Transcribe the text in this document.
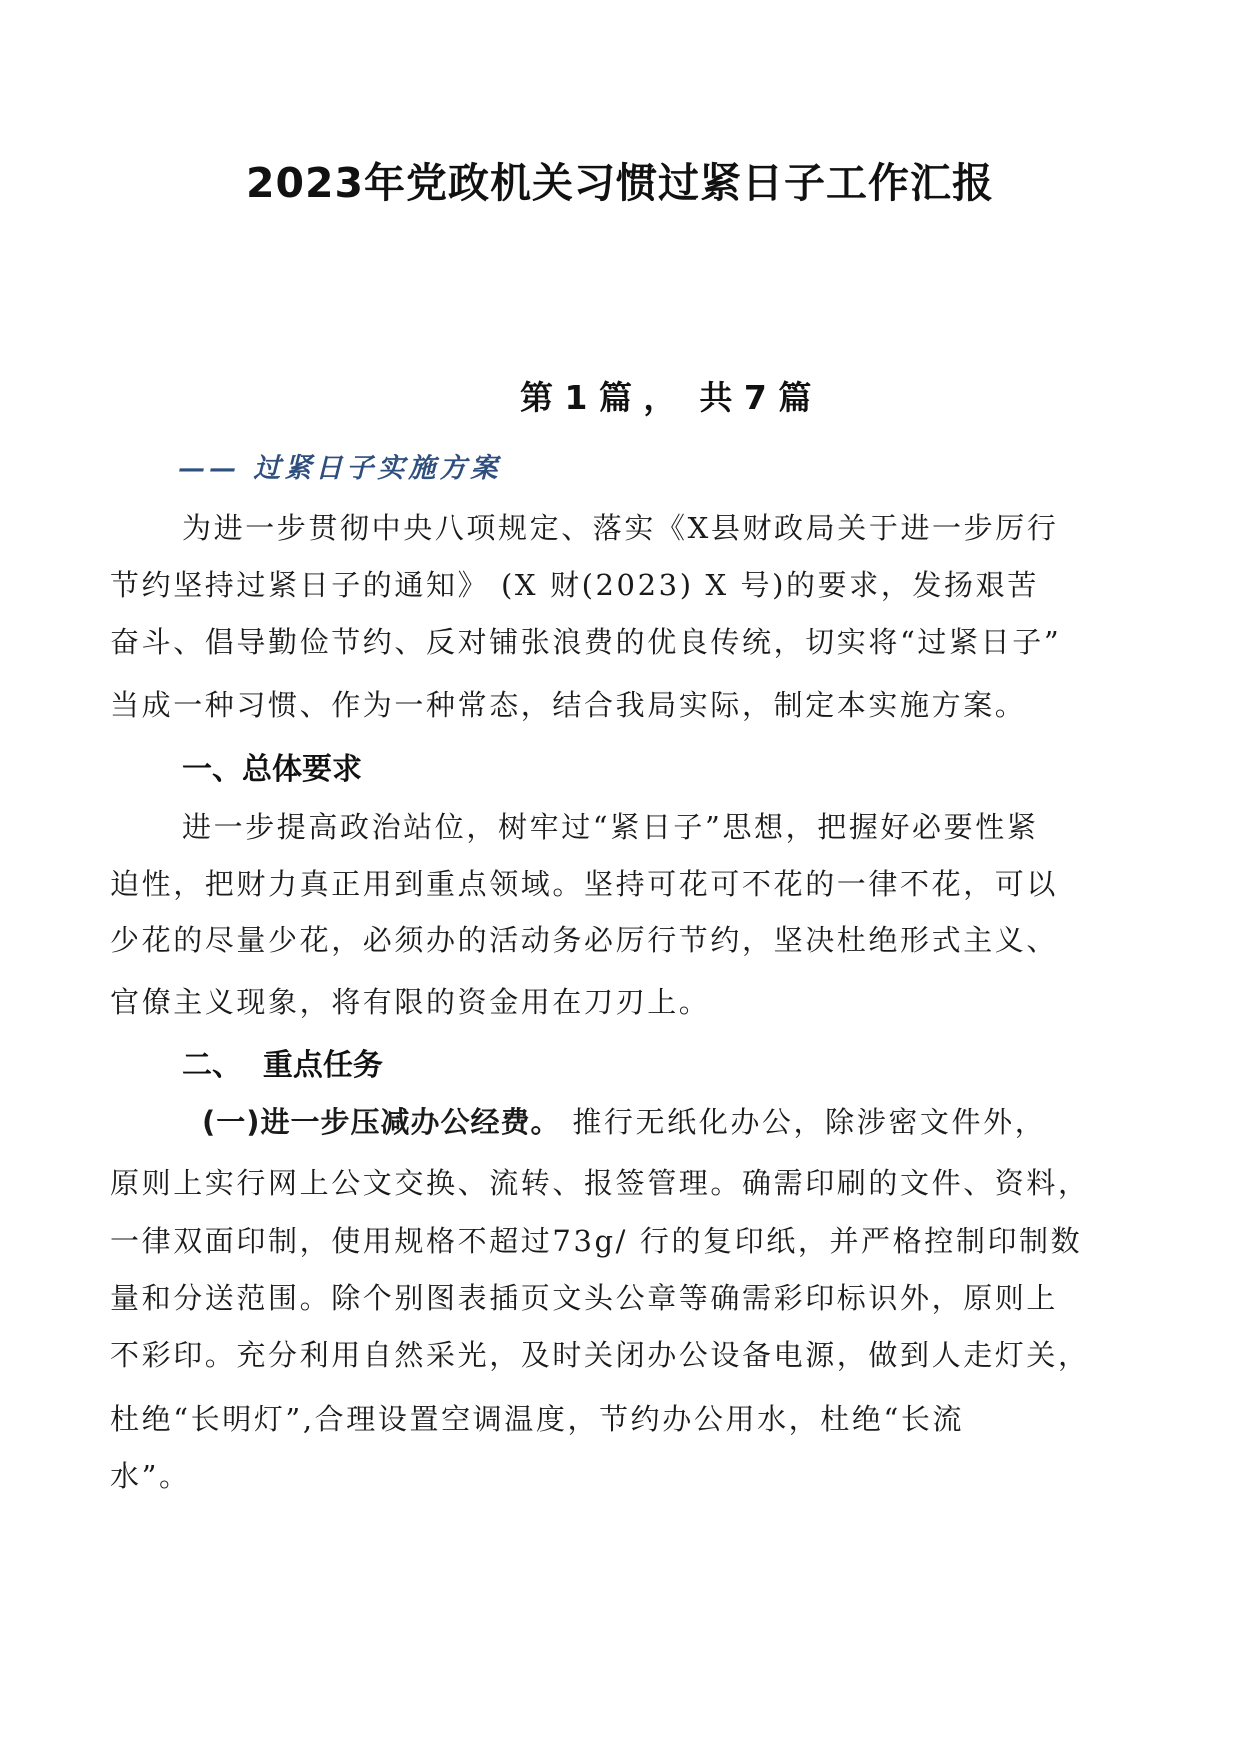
2023年党政机关习惯过紧日子工作汇报
第 1 篇 ，  共 7 篇
—— 过紧日子实施方案
为进一步贯彻中央八项规定、落实《X县财政局关于进一步厉行
节约坚持过紧日子的通知》 (X 财(2023) X 号)的要求，发扬艰苦
奋斗、倡导勤俭节约、反对铺张浪费的优良传统，切实将“过紧日子”
当成一种习惯、作为一种常态，结合我局实际，制定本实施方案。
一、总体要求
进一步提高政治站位，树牢过“紧日子”思想，把握好必要性紧
迫性，把财力真正用到重点领域。坚持可花可不花的一律不花，可以
少花的尽量少花，必须办的活动务必厉行节约，坚决杜绝形式主义、
官僚主义现象，将有限的资金用在刀刃上。
二、  重点任务
(一)进一步压减办公经费。 推行无纸化办公，除涉密文件外，
原则上实行网上公文交换、流转、报签管理。确需印刷的文件、资料，
一律双面印制，使用规格不超过73g/ 行的复印纸，并严格控制印制数
量和分送范围。除个别图表插页文头公章等确需彩印标识外，原则上
不彩印。充分利用自然采光，及时关闭办公设备电源，做到人走灯关，
杜绝“长明灯”,合理设置空调温度，节约办公用水，杜绝“长流
水”。
